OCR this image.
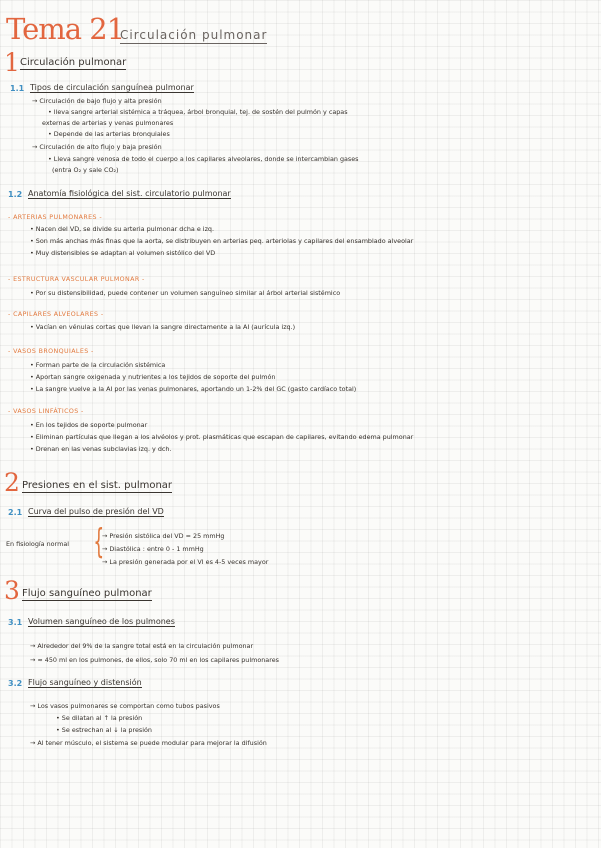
Tema 21
Circulación pulmonar
1 Circulación pulmonar
1.1 Tipos de circulación sanguínea pulmonar
→ Circulación de bajo flujo y alta presión
• lleva sangre arterial sistémica a tráquea, árbol bronquial, tej. de sostén del pulmón y capas
externas de arterias y venas pulmonares
• Depende de las arterias bronquiales
→ Circulación de alto flujo y baja presión
• Lleva sangre venosa de todo el cuerpo a los capilares alveolares, donde se intercambian gases
(entra O₂ y sale CO₂)
1.2 Anatomía fisiológica del sist. circulatorio pulmonar
- ARTERIAS PULMONARES -
• Nacen del VD, se divide su arteria pulmonar dcha e izq.
• Son más anchas más finas que la aorta, se distribuyen en arterias peq. arteriolas y capilares del ensamblado alveolar
• Muy distensibles se adaptan al volumen sistólico del VD
- ESTRUCTURA VASCULAR PULMONAR -
• Por su distensibilidad, puede contener un volumen sanguíneo similar al árbol arterial sistémico
- CAPILARES ALVEOLARES -
• Vacían en vénulas cortas que llevan la sangre directamente a la AI (aurícula izq.)
- VASOS BRONQUIALES -
• Forman parte de la circulación sistémica
• Aportan sangre oxigenada y nutrientes a los tejidos de soporte del pulmón
• La sangre vuelve a la AI por las venas pulmonares, aportando un 1-2% del GC (gasto cardíaco total)
- VASOS LINFÁTICOS -
• En los tejidos de soporte pulmonar
• Eliminan partículas que llegan a los alvéolos y prot. plasmáticas que escapan de capilares, evitando edema pulmonar
• Drenan en las venas subclavias izq. y dch.
2 Presiones en el sist. pulmonar
2.1 Curva del pulso de presión del VD
En fisiología normal {
→ Presión sistólica del VD = 25 mmHg
→ Diastólica : entre 0 - 1 mmHg
→ La presión generada por el VI es 4-5 veces mayor
3 Flujo sanguíneo pulmonar
3.1 Volumen sanguíneo de los pulmones
→ Alrededor del 9% de la sangre total está en la circulación pulmonar
→ ≈ 450 ml en los pulmones, de ellos, solo 70 ml en los capilares pulmonares
3.2 Flujo sanguíneo y distensión
→ Los vasos pulmonares se comportan como tubos pasivos
• Se dilatan al ↑ la presión
• Se estrechan al ↓ la presión
→ Al tener músculo, el sistema se puede modular para mejorar la difusión
